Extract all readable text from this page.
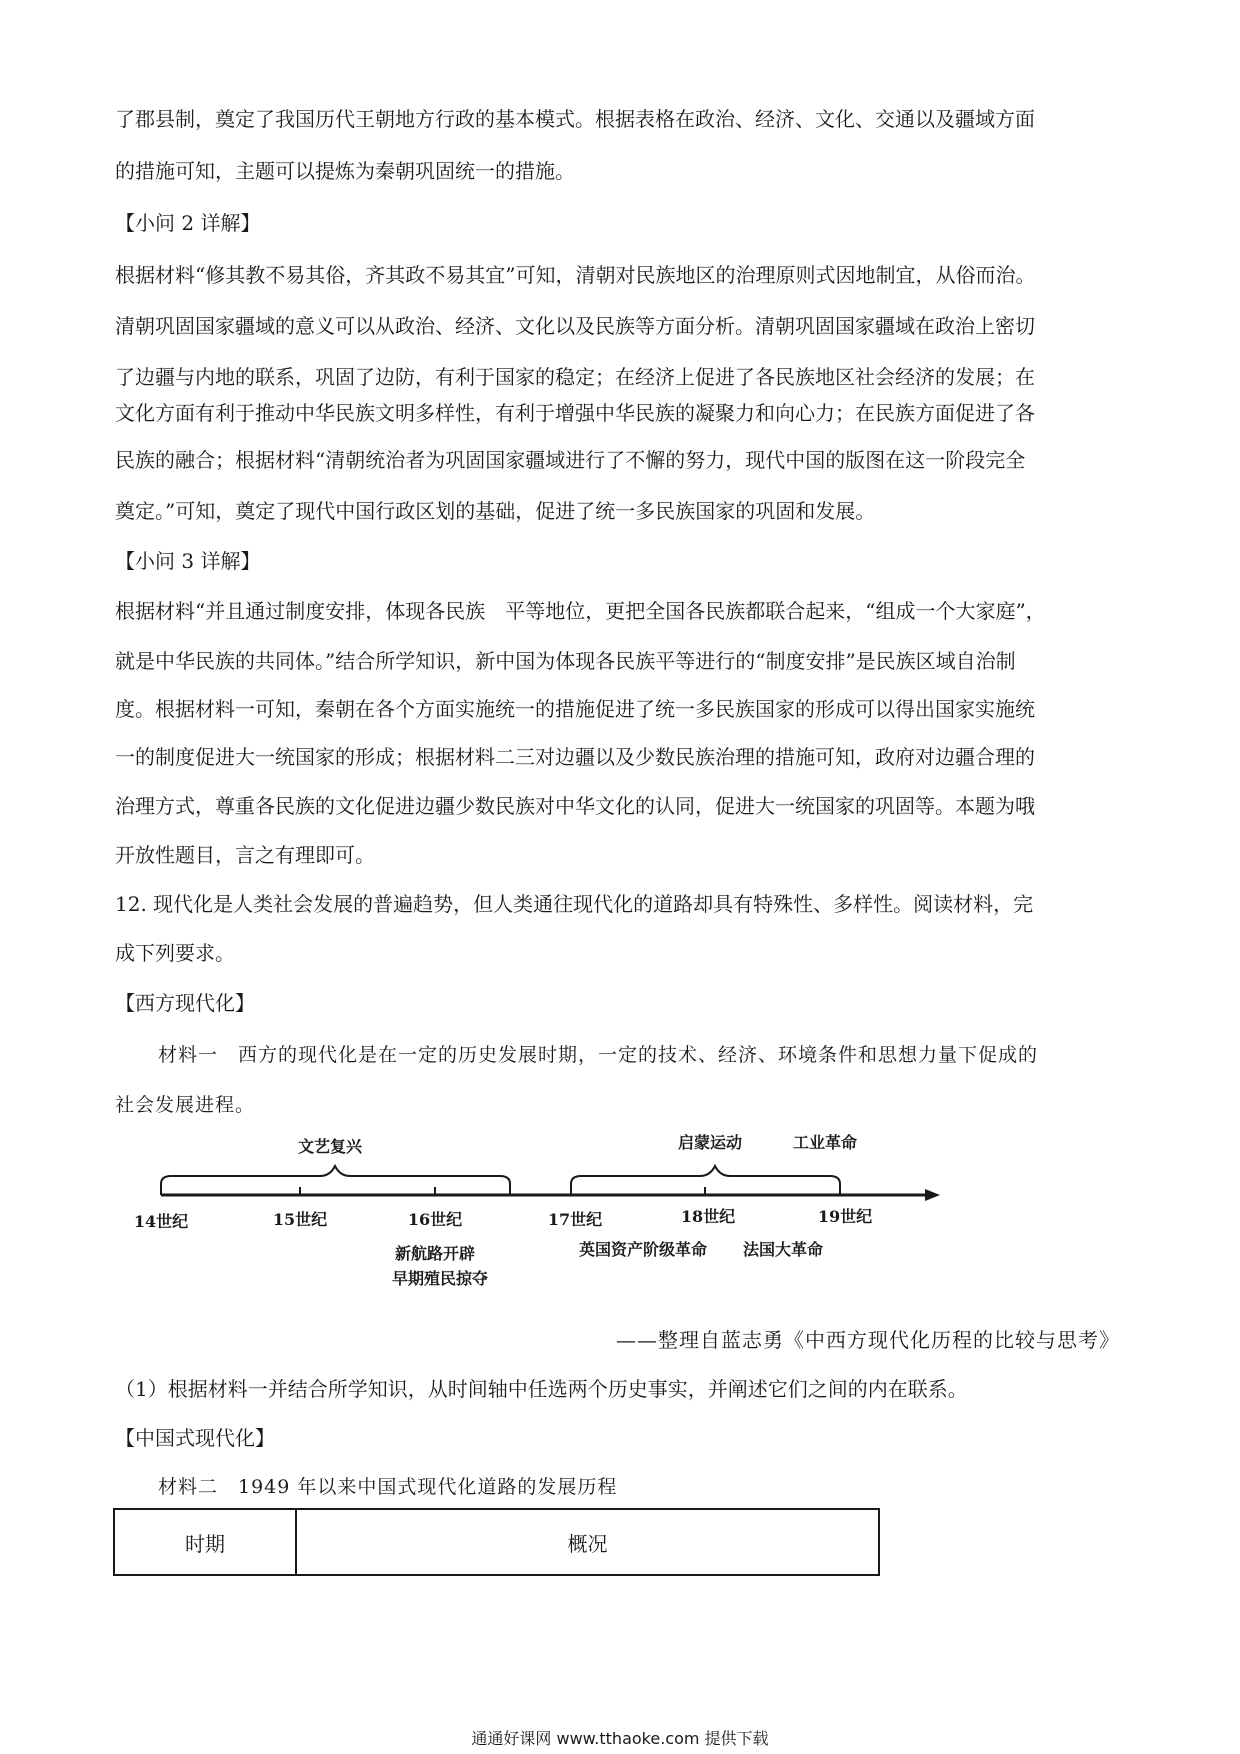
了郡县制，奠定了我国历代王朝地方行政的基本模式。根据表格在政治、经济、文化、交通以及疆域方面
的措施可知，主题可以提炼为秦朝巩固统一的措施。
【小问 2 详解】
根据材料“修其教不易其俗，齐其政不易其宜”可知，清朝对民族地区的治理原则式因地制宜，从俗而治。
清朝巩固国家疆域的意义可以从政治、经济、文化以及民族等方面分析。清朝巩固国家疆域在政治上密切
了边疆与内地的联系，巩固了边防，有利于国家的稳定；在经济上促进了各民族地区社会经济的发展；在
文化方面有利于推动中华民族文明多样性，有利于增强中华民族的凝聚力和向心力；在民族方面促进了各
民族的融合；根据材料“清朝统治者为巩固国家疆域进行了不懈的努力，现代中国的版图在这一阶段完全
奠定。”可知，奠定了现代中国行政区划的基础，促进了统一多民族国家的巩固和发展。
【小问 3 详解】
根据材料“并且通过制度安排，体现各民族　平等地位，更把全国各民族都联合起来，“组成一个大家庭”，
就是中华民族的共同体。”结合所学知识，新中国为体现各民族平等进行的“制度安排”是民族区域自治制
度。根据材料一可知，秦朝在各个方面实施统一的措施促进了统一多民族国家的形成可以得出国家实施统
一的制度促进大一统国家的形成；根据材料二三对边疆以及少数民族治理的措施可知，政府对边疆合理的
治理方式，尊重各民族的文化促进边疆少数民族对中华文化的认同，促进大一统国家的巩固等。本题为哦
开放性题目，言之有理即可。
12. 现代化是人类社会发展的普遍趋势，但人类通往现代化的道路却具有特殊性、多样性。阅读材料，完
成下列要求。
【西方现代化】
材料一　西方的现代化是在一定的历史发展时期，一定的技术、经济、环境条件和思想力量下促成的
社会发展进程。
文艺复兴	启蒙运动	工业革命
14世纪	15世纪	16世纪	17世纪	18世纪	19世纪
新航路开辟
早期殖民掠夺
英国资产阶级革命 法国大革命
——整理自蓝志勇《中西方现代化历程的比较与思考》
（1）根据材料一并结合所学知识，从时间轴中任选两个历史事实，并阐述它们之间的内在联系。
【中国式现代化】
材料二　1949 年以来中国式现代化道路的发展历程
时期	概况
通通好课网 www.tthaoke.com 提供下载
